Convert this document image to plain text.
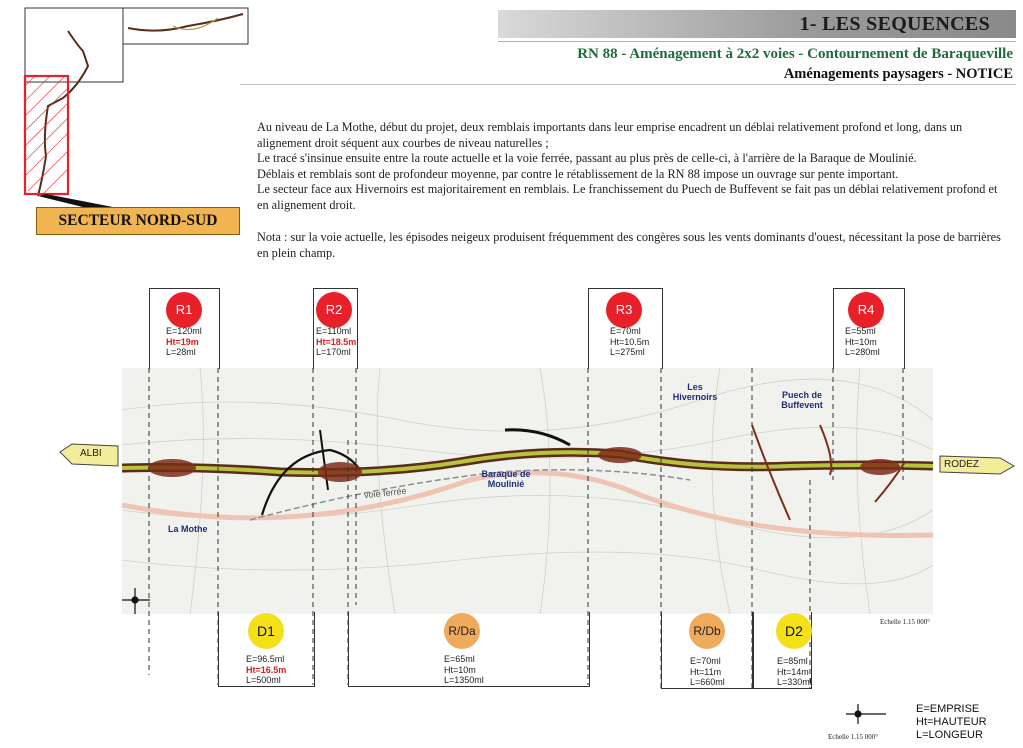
1- LES SEQUENCES
RN 88 - Aménagement à 2x2 voies - Contournement de Baraqueville
Aménagements paysagers - NOTICE
SECTEUR NORD-SUD

Au niveau de La Mothe, début du projet, deux remblais importants dans leur emprise encadrent un déblai relativement profond et long, dans un alignement droit séquent aux courbes de niveau naturelles ;

Le tracé s'insinue ensuite entre la route actuelle et la voie ferrée, passant au plus près de celle-ci, à l'arrière de la Baraque de Moulinié.

Déblais et remblais sont de profondeur moyenne, par contre le rétablissement de la RN 88 impose un ouvrage sur pente important.

Le secteur face aux Hivernoirs est majoritairement en remblais. Le franchissement du Puech de Buffevent se fait pas un déblai relativement profond et en alignement droit.

Nota : sur la voie actuelle, les épisodes neigeux produisent fréquemment des congères sous les vents dominants d'ouest, nécessitant la pose de barrières en plein champ.
R1
E=120ml
Ht=19m
L=28ml
R2
E=110ml
Ht=18.5m
L=170ml
R3
E=70ml
Ht=10.5m
L=275ml
R4
E=55ml
Ht=10m
L=280ml
D1
E=96.5ml
Ht=16.5m
L=500ml
R/Da
E=65ml
Ht=10m
L=1350ml
R/Db
E=70ml
Ht=11m
L=660ml
D2
E=85ml
Ht=14m
L=330ml
ALBI
RODEZ
La Mothe
Baraque de Moulinié
Les Hivernoirs	Puech de Buffevent
voie ferrée
Echelle 1.15 000°
Echelle 1.15 000°
E=EMPRISE
Ht=HAUTEUR
L=LONGEUR
